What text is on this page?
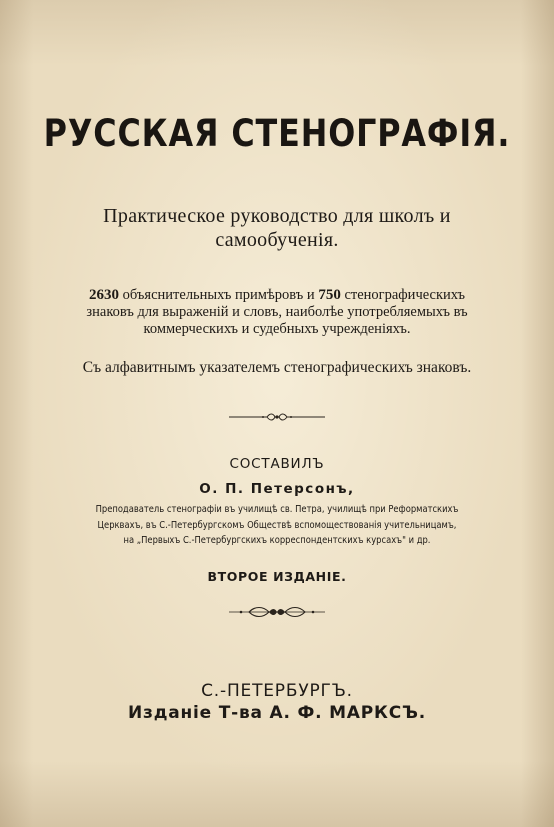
РУССКАЯ СТЕНОГРАФIЯ.
Практическое руководство для школъ и
самообученiя.
2630 объяснительныхъ примѣровъ и 750 стенографическихъ
знаковъ для выраженiй и словъ, наиболѣе употребляемыхъ въ
коммерческихъ и судебныхъ учрежденiяхъ.
Съ алфавитнымъ указателемъ стенографическихъ знаковъ.
СОСТАВИЛЪ
О. П. Петерсонъ,
Преподаватель стенографiи въ училищѣ св. Петра, училищѣ при Реформатскихъ
Церквахъ, въ С.-Петербургскомъ Обществѣ вспомоществованiя учительницамъ,
на „Первыхъ С.-Петербургскихъ корреспондентскихъ курсахъ" и др.
ВТОРОЕ ИЗДАНIЕ.
С.-ПЕТЕРБУРГЪ.
Изданiе Т-ва А. Ф. МАРКСЪ.
